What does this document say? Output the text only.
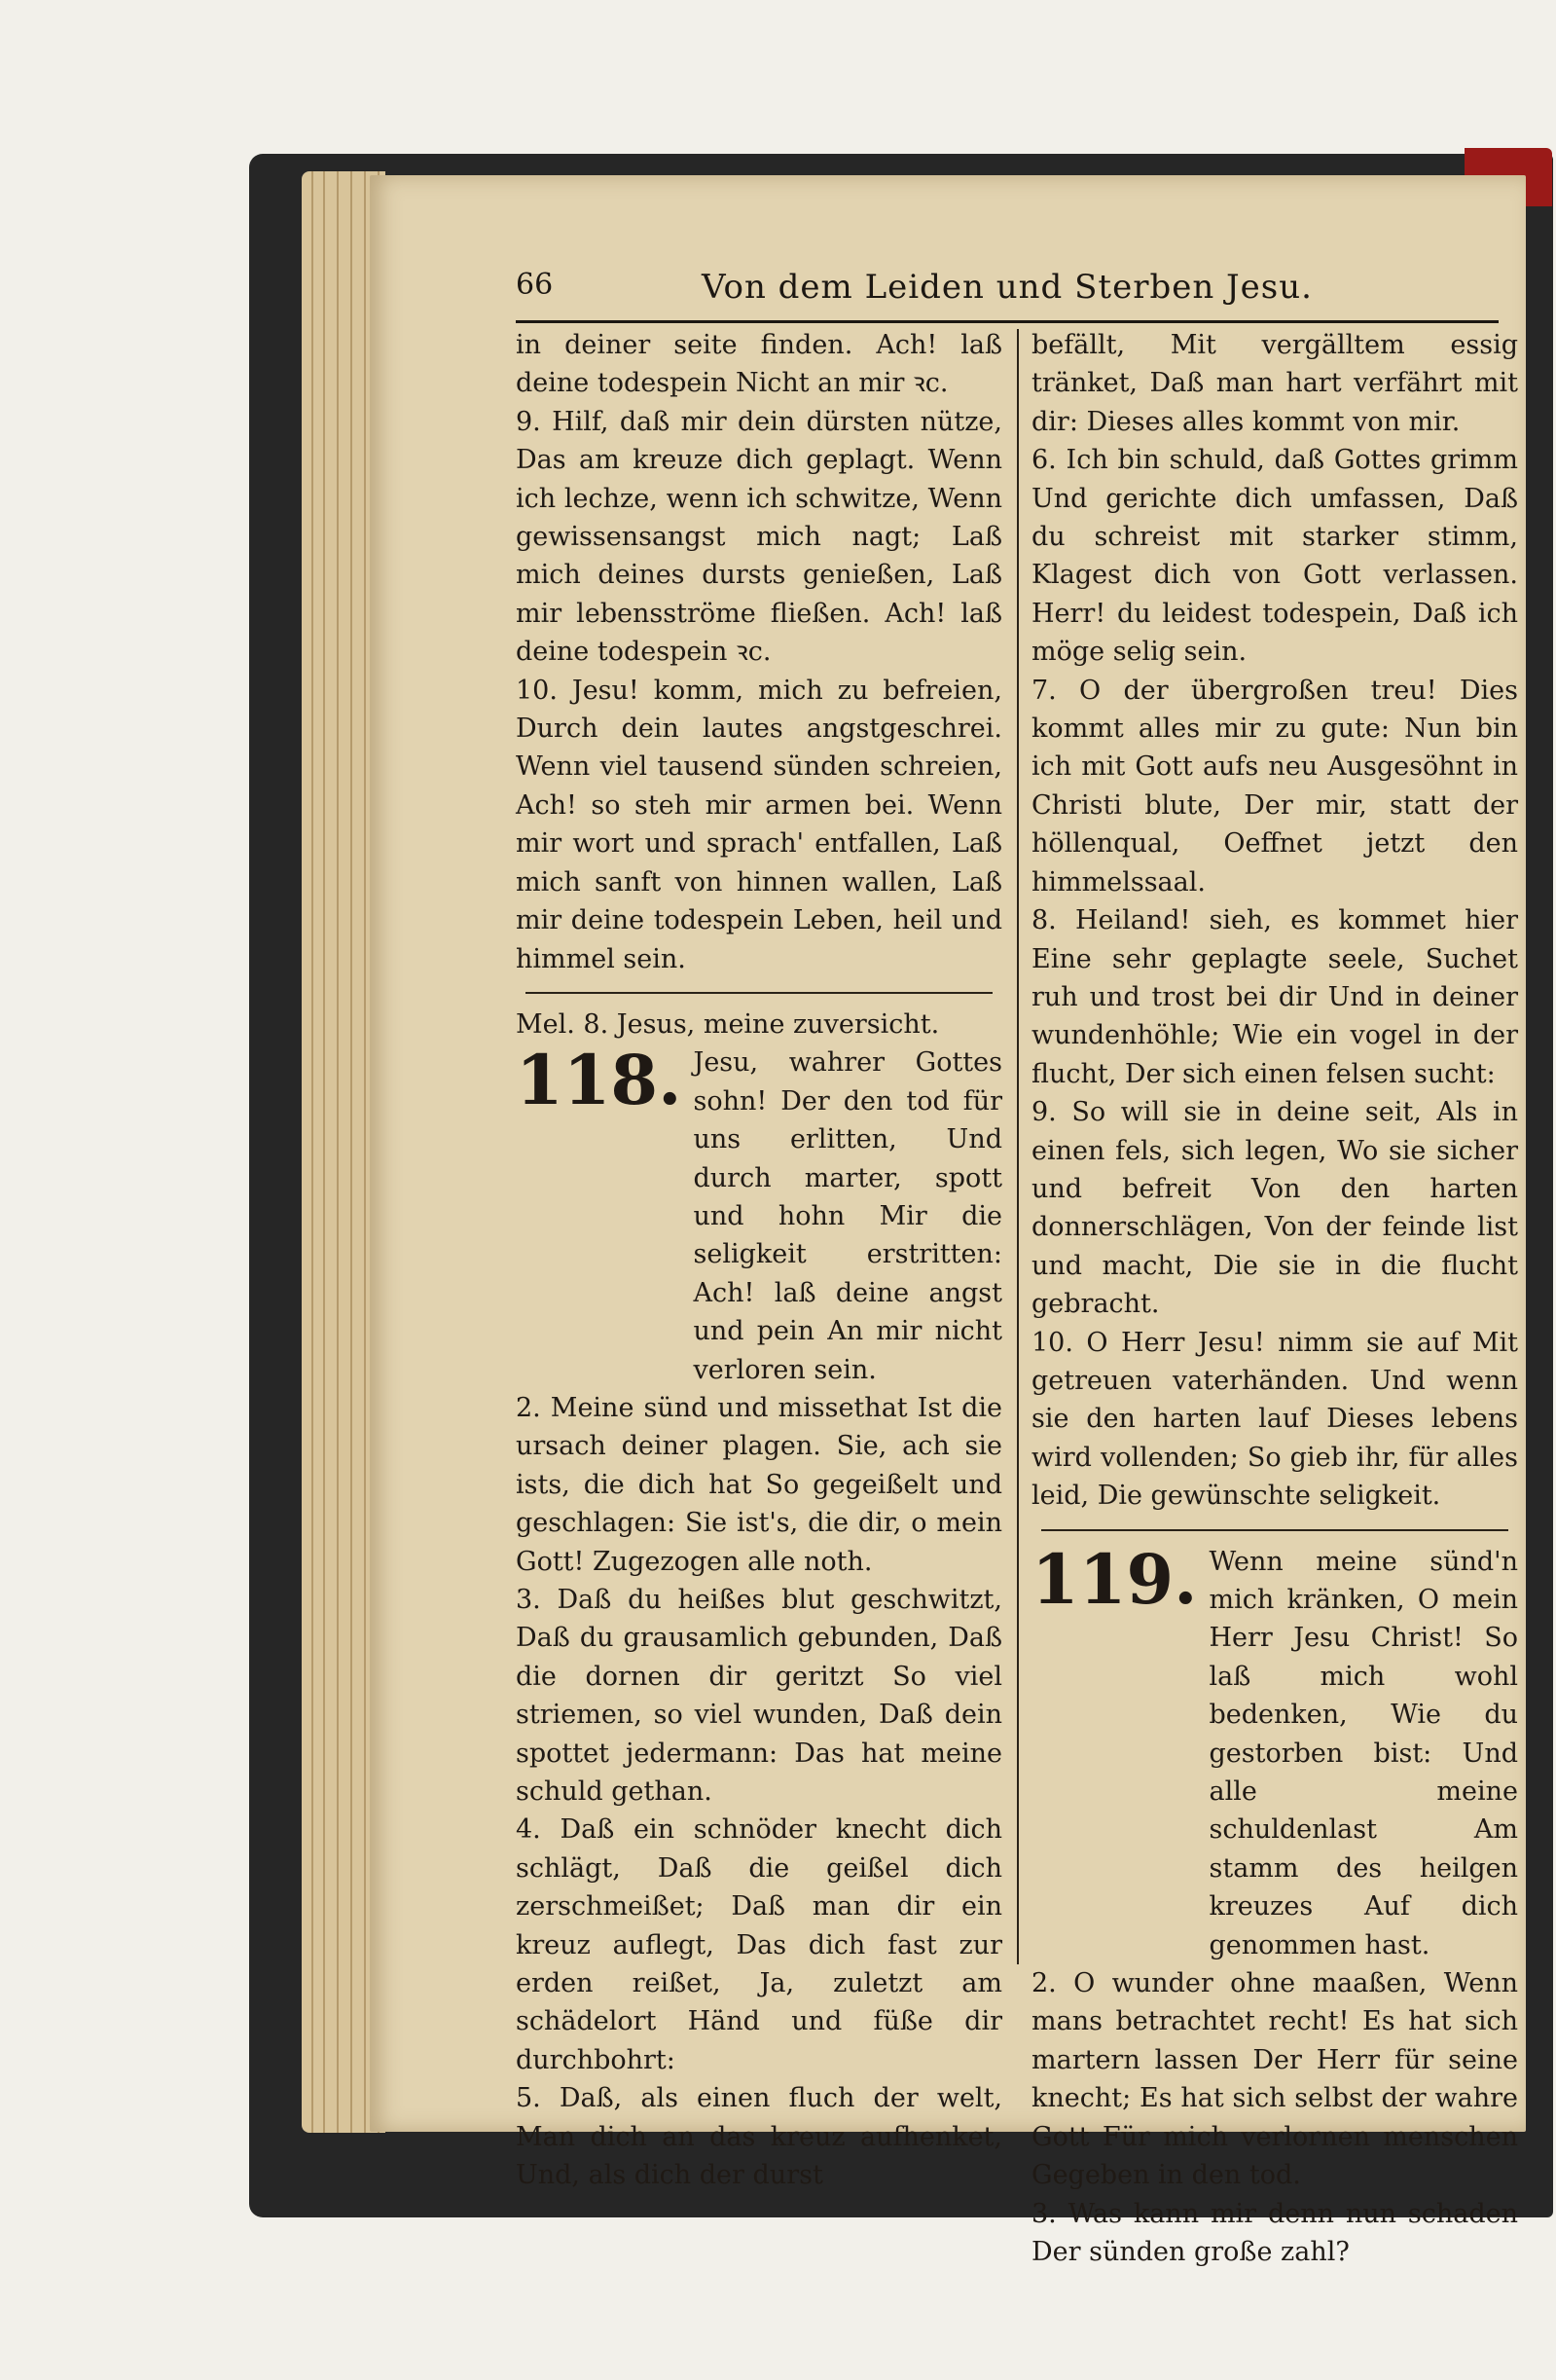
Von dem Leiden und Sterben Jesu.
66

in deiner seite finden. Ach! laß deine todespein Nicht an mir ꝛc.

9. Hilf, daß mir dein dürsten nütze, Das am kreuze dich geplagt. Wenn ich lechze, wenn ich schwitze, Wenn gewissensangst mich nagt; Laß mich deines dursts genießen, Laß mir lebensströme fließen. Ach! laß deine todespein ꝛc.

10. Jesu! komm, mich zu befreien, Durch dein lautes angstgeschrei. Wenn viel tausend sünden schreien, Ach! so steh mir armen bei. Wenn mir wort und sprach' entfallen, Laß mich sanft von hinnen wallen, Laß mir deine todespein Leben, heil und himmel sein.

Mel. 8. Jesus, meine zuversicht.

118. Jesu, wahrer Gottes sohn! Der den tod für uns erlitten, Und durch marter, spott und hohn Mir die seligkeit erstritten: Ach! laß deine angst und pein An mir nicht verloren sein.

2. Meine sünd und missethat Ist die ursach deiner plagen. Sie, ach sie ists, die dich hat So gegeißelt und geschlagen: Sie ist's, die dir, o mein Gott! Zugezogen alle noth.

3. Daß du heißes blut geschwitzt, Daß du grausamlich gebunden, Daß die dornen dir geritzt So viel striemen, so viel wunden, Daß dein spottet jedermann: Das hat meine schuld gethan.

4. Daß ein schnöder knecht dich schlägt, Daß die geißel dich zerschmeißet; Daß man dir ein kreuz auflegt, Das dich fast zur erden reißet, Ja, zuletzt am schädelort Händ und füße dir durchbohrt:

5. Daß, als einen fluch der welt, Man dich an das kreuz aufhenket, Und, als dich der durst

befällt, Mit vergälltem essig tränket, Daß man hart verfährt mit dir: Dieses alles kommt von mir.

6. Ich bin schuld, daß Gottes grimm Und gerichte dich umfassen, Daß du schreist mit starker stimm, Klagest dich von Gott verlassen. Herr! du leidest todespein, Daß ich möge selig sein.

7. O der übergroßen treu! Dies kommt alles mir zu gute: Nun bin ich mit Gott aufs neu Ausgesöhnt in Christi blute, Der mir, statt der höllenqual, Oeffnet jetzt den himmelssaal.

8. Heiland! sieh, es kommet hier Eine sehr geplagte seele, Suchet ruh und trost bei dir Und in deiner wundenhöhle; Wie ein vogel in der flucht, Der sich einen felsen sucht:

9. So will sie in deine seit, Als in einen fels, sich legen, Wo sie sicher und befreit Von den harten donnerschlägen, Von der feinde list und macht, Die sie in die flucht gebracht.

10. O Herr Jesu! nimm sie auf Mit getreuen vaterhänden. Und wenn sie den harten lauf Dieses lebens wird vollenden; So gieb ihr, für alles leid, Die gewünschte seligkeit.

119. Wenn meine sünd'n mich kränken, O mein Herr Jesu Christ! So laß mich wohl bedenken, Wie du gestorben bist: Und alle meine schuldenlast Am stamm des heilgen kreuzes Auf dich genommen hast.

2. O wunder ohne maaßen, Wenn mans betrachtet recht! Es hat sich martern lassen Der Herr für seine knecht; Es hat sich selbst der wahre Gott Für mich verlornen menschen Gegeben in den tod.

3. Was kann mir denn nun schaden Der sünden große zahl?
